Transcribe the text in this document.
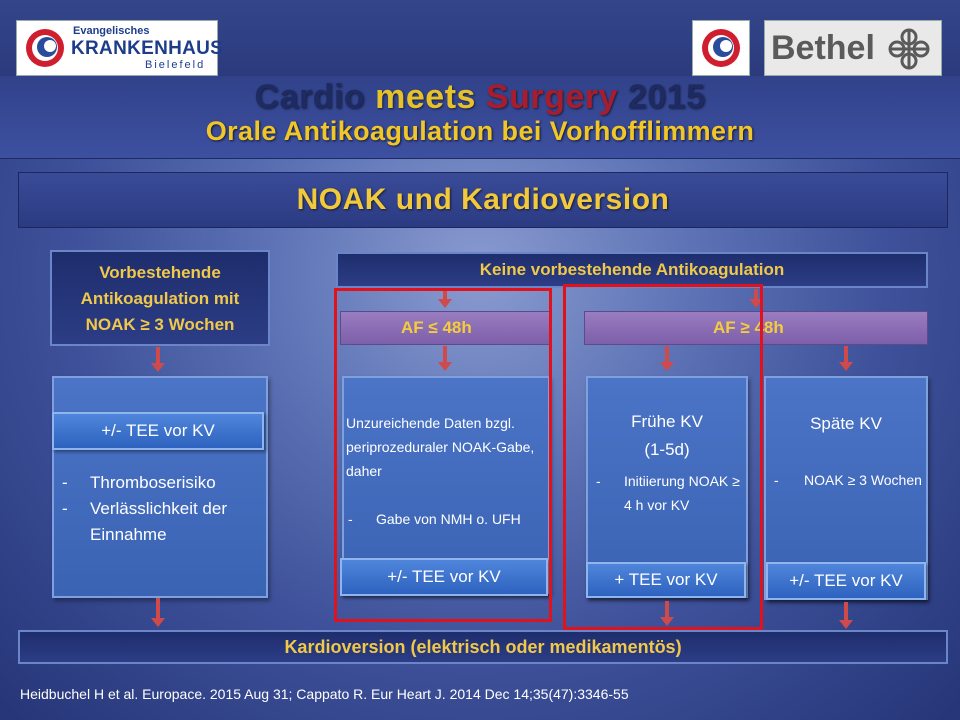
Evangelisches
KRANKENHAUS
Bielefeld	Bethel
Cardio meets Surgery 2015
Orale Antikoagulation bei Vorhofflimmern
NOAK und Kardioversion
Vorbestehende
Antikoagulation mit
NOAK ≥ 3 Wochen
+/- TEE vor KV
-	Thromboserisiko
-	Verlässlichkeit der Einnahme
Keine vorbestehende Antikoagulation
AF ≤ 48h	AF ≥ 48h
Unzureichende Daten bzgl. periprozeduraler NOAK-Gabe, daher
-	Gabe von NMH o. UFH
+/- TEE vor KV
Frühe KV
(1-5d)
-	Initiierung NOAK ≥ 4 h vor KV
+ TEE vor KV
Späte KV
-	NOAK ≥ 3 Wochen
+/- TEE vor KV
Kardioversion (elektrisch oder medikamentös)
Heidbuchel H et al. Europace. 2015 Aug 31; Cappato R. Eur Heart J. 2014 Dec 14;35(47):3346-55
